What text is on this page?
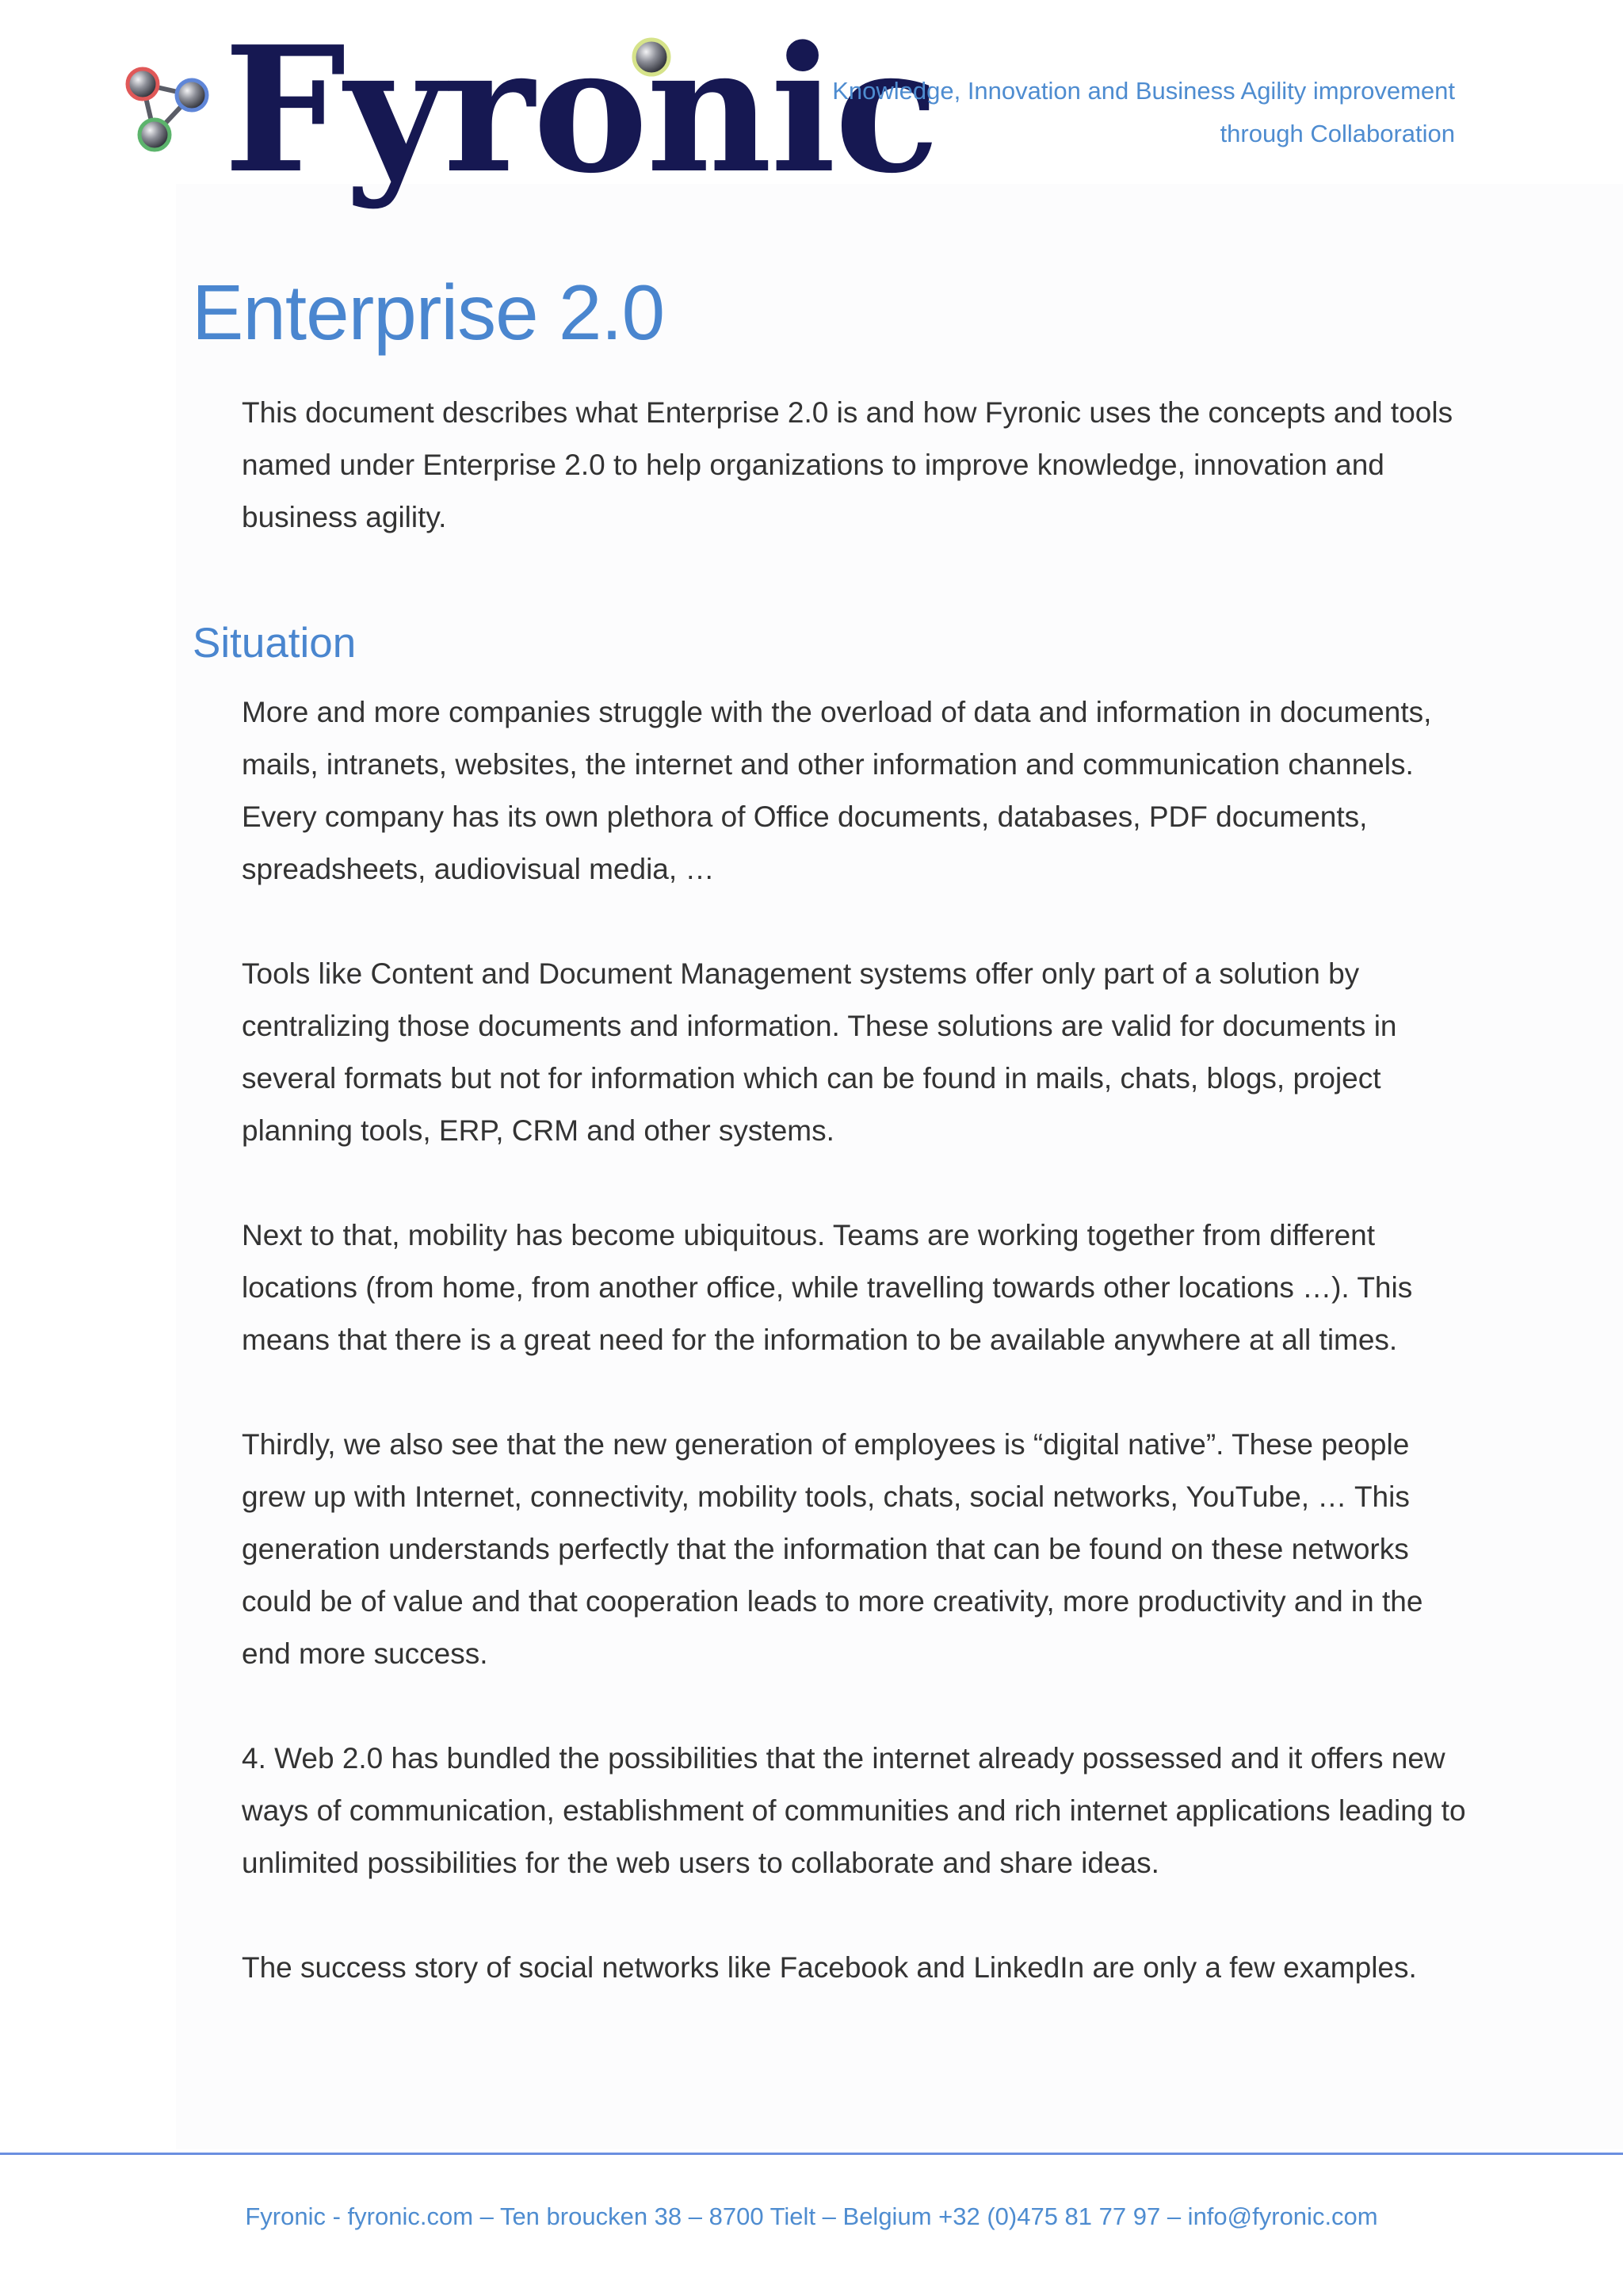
Fyronic
Knowledge, Innovation and Business Agility improvement
through Collaboration
Enterprise 2.0

This document describes what Enterprise 2.0 is and how Fyronic uses the concepts and tools named under Enterprise 2.0 to help organizations to improve knowledge, innovation and business agility.

Situation

More and more companies struggle with the overload of data and information in documents, mails, intranets, websites, the internet and other information and communication channels. Every company has its own plethora of Office documents, databases, PDF documents, spreadsheets, audiovisual media, …

Tools like Content and Document Management systems offer only part of a solution by centralizing those documents and information. These solutions are valid for documents in several formats but not for information which can be found in mails, chats, blogs, project planning tools, ERP, CRM and other systems.

Next to that, mobility has become ubiquitous. Teams are working together from different locations (from home, from another office, while travelling towards other locations …). This means that there is a great need for the information to be available anywhere at all times.

Thirdly, we also see that the new generation of employees is “digital native”. These people grew up with Internet, connectivity, mobility tools, chats, social networks, YouTube, … This generation understands perfectly that the information that can be found on these networks could be of value and that cooperation leads to more creativity, more productivity and in the end more success.

4. Web 2.0 has bundled the possibilities that the internet already possessed and it offers new ways of communication, establishment of communities and rich internet applications leading to unlimited possibilities for the web users to collaborate and share ideas.

The success story of social networks like Facebook and LinkedIn are only a few examples.

Fyronic - fyronic.com – Ten broucken 38 – 8700 Tielt – Belgium +32 (0)475 81 77 97 – info@fyronic.com
